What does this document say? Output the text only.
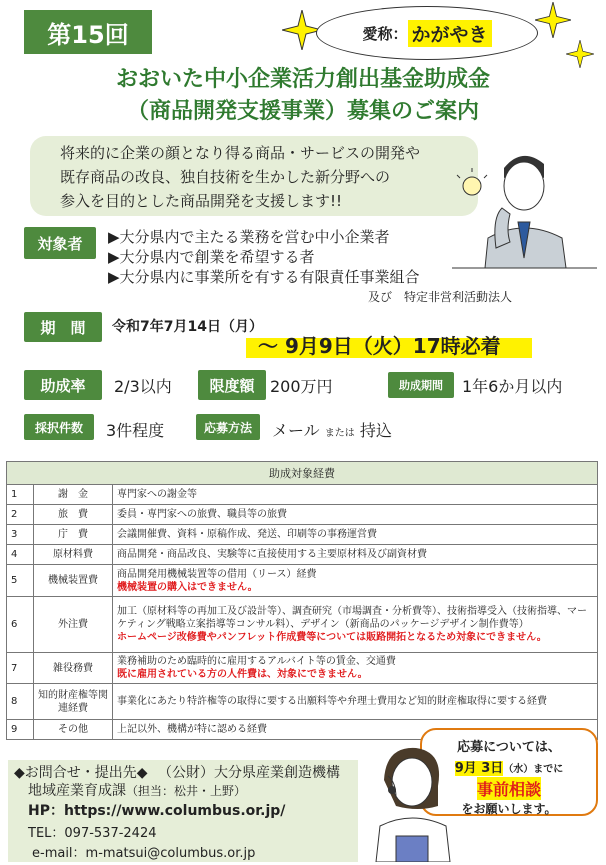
第15回	愛称： かがやき
おおいた中小企業活力創出基金助成金
（商品開発支援事業）募集のご案内
将来的に企業の顔となり得る商品・サービスの開発や
既存商品の改良、独自技術を生かした新分野への
参入を目的とした商品開発を支援します!!
対象者	▶大分県内で主たる業務を営む中小企業者
▶大分県内で創業を希望する者
▶大分県内に事業所を有する有限責任事業組合
及び　特定非営利活動法人
期　間	令和7年7月14日（月）
～ 9月9日（火）17時必着
助成率	2/3以内	限度額 200万円	助成期間	1年6か月以内
採択件数	3件程度	応募方法	メール または 持込
助成対象経費		
1	謝　金	専門家への謝金等
2	旅　費	委員・専門家への旅費、職員等の旅費
3	庁　費	会議開催費、資料・原稿作成、発送、印刷等の事務運営費
4	原材料費	商品開発・商品改良、実験等に直接使用する主要原材料及び副資材費
5	機械装置費	商品開発用機械装置等の借用（リース）経費
機械装置の購入はできません。

6	外注費	加工（原材料等の再加工及び設計等）、調査研究（市場調査・分析費等）、技術指導受入（技術指導、マーケティング戦略立案指導等コンサル料）、デザイン（新商品のパッケージデザイン制作費等）
ホームページ改修費やパンフレット作成費等については販路開拓となるため対象にできません。

7	雑役務費	業務補助のため臨時的に雇用するアルバイト等の賃金、交通費
既に雇用されている方の人件費は、対象にできません。

8	知的財産権等関連経費	事業化にあたり特許権等の取得に要する出願料等や弁理士費用など知的財産権取得に要する経費
9	その他	上記以外、機構が特に認める経費
応募については、
9月 3日（水）までに
事前相談
をお願いします。
◆お問合せ・提出先◆ （公財）大分県産業創造機構
地域産業育成課（担当：松井・上野）
HP：https://www.columbus.or.jp/
TEL：097-537-2424
e-mail：m-matsui@columbus.or.jp
